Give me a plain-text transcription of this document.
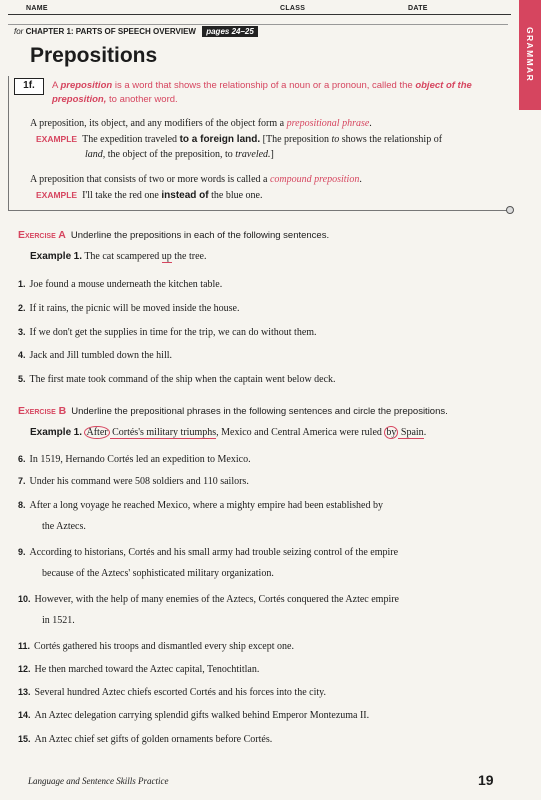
NAME	CLASS	DATE
GRAMMAR
for CHAPTER 1: PARTS OF SPEECH OVERVIEW pages 24–25
Prepositions
1f.	A preposition is a word that shows the relationship of a noun or a pronoun, called the object of the preposition, to another word.
A preposition, its object, and any modifiers of the object form a prepositional phrase.
EXAMPLE The expedition traveled to a foreign land. [The preposition to shows the relationship of
land, the object of the preposition, to traveled.]
A preposition that consists of two or more words is called a compound preposition.
EXAMPLE I'll take the red one instead of the blue one.
Exercise A Underline the prepositions in each of the following sentences.
Example 1. The cat scampered up the tree.
1. Joe found a mouse underneath the kitchen table.
2. If it rains, the picnic will be moved inside the house.
3. If we don't get the supplies in time for the trip, we can do without them.
4. Jack and Jill tumbled down the hill.
5. The first mate took command of the ship when the captain went below deck.
Exercise B Underline the prepositional phrases in the following sentences and circle the prepositions.
Example 1. After Cortés's military triumphs, Mexico and Central America were ruled by Spain.
6. In 1519, Hernando Cortés led an expedition to Mexico.
7. Under his command were 508 soldiers and 110 sailors.
8. After a long voyage he reached Mexico, where a mighty empire had been established by
the Aztecs.
9. According to historians, Cortés and his small army had trouble seizing control of the empire
because of the Aztecs' sophisticated military organization.
10. However, with the help of many enemies of the Aztecs, Cortés conquered the Aztec empire
in 1521.
11. Cortés gathered his troops and dismantled every ship except one.
12. He then marched toward the Aztec capital, Tenochtitlan.
13. Several hundred Aztec chiefs escorted Cortés and his forces into the city.
14. An Aztec delegation carrying splendid gifts walked behind Emperor Montezuma II.
15. An Aztec chief set gifts of golden ornaments before Cortés.
Language and Sentence Skills Practice	19
